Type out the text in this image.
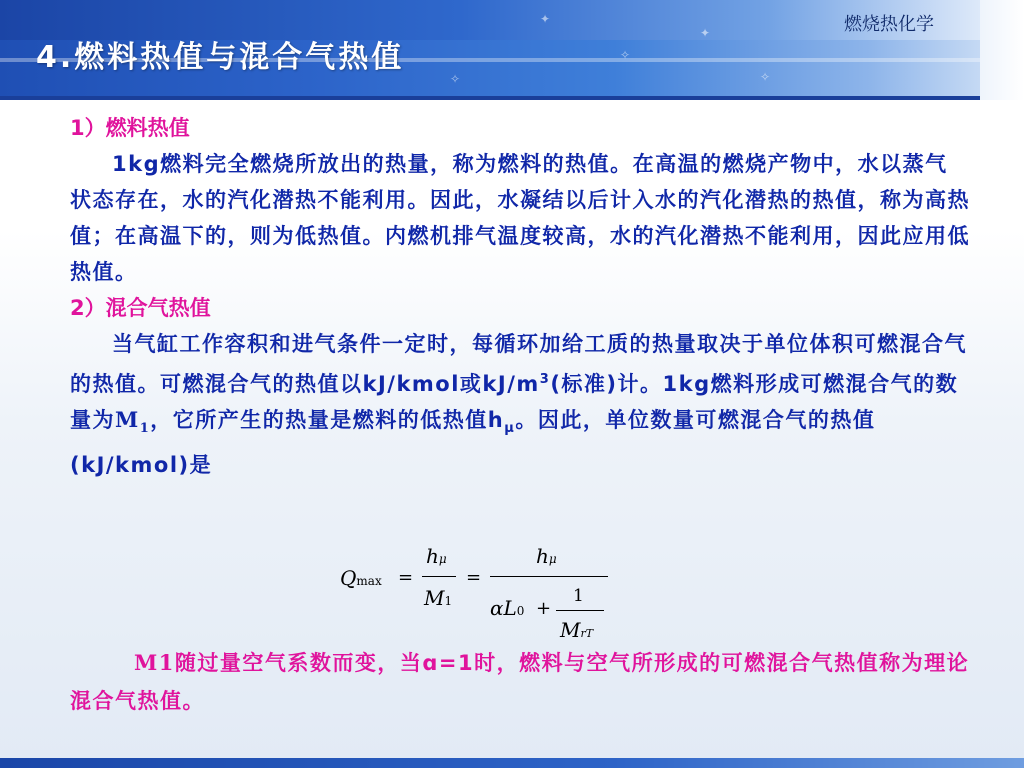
✦
✧
✦
✧
✧
4.燃料热值与混合气热值
燃烧热化学
1）燃料热值
1kg燃料完全燃烧所放出的热量，称为燃料的热值。在高温的燃烧产物中，水以蒸气状态存在，水的汽化潜热不能利用。因此，水凝结以后计入水的汽化潜热的热值，称为高热值；在高温下的，则为低热值。内燃机排气温度较高，水的汽化潜热不能利用，因此应用低热值。
2）混合气热值
当气缸工作容积和进气条件一定时，每循环加给工质的热量取决于单位体积可燃混合气的热值。可燃混合气的热值以kJ/kmol或$kJ/m^3$(标准)计。1kg燃料形成可燃混合气的数量为$M_1$，它所产生的热量是燃料的低热值$h_\mu$。因此，单位数量可燃混合气的热值(kJ/kmol)是
Qmax =
hμ
M1
=
hμ
1
αL0 +
MrT
M1随过量空气系数而变，当ɑ=1时，燃料与空气所形成的可燃混合气热值称为理论混合气热值。
